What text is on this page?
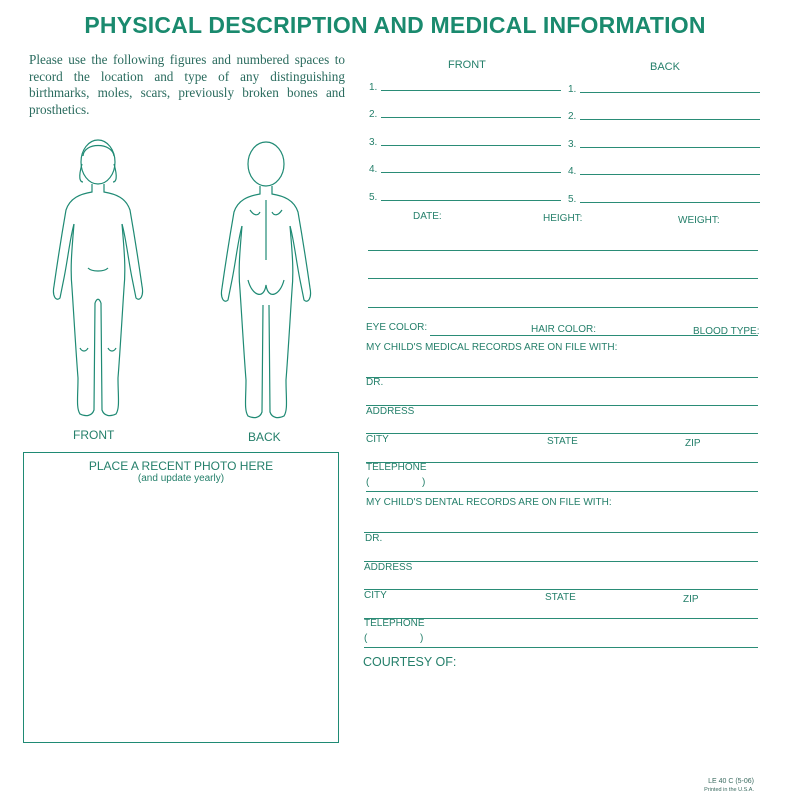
PHYSICAL DESCRIPTION AND MEDICAL INFORMATION
Please use the following figures and numbered spaces to record the location and type of any distinguishing birthmarks, moles, scars, previously broken bones and prosthetics.
FRONT	BACK
PLACE A RECENT PHOTO HERE
(and update yearly)
FRONT	BACK
1.	1.
2.	2.
3.	3.
4.	4.
5.	5.
DATE:	HEIGHT:	WEIGHT:
EYE COLOR:	HAIR COLOR:	BLOOD TYPE:
MY CHILD'S MEDICAL RECORDS ARE ON FILE WITH:
DR.
ADDRESS
CITY	STATE	ZIP
TELEPHONE
(	)
MY CHILD'S DENTAL RECORDS ARE ON FILE WITH:
DR.
ADDRESS
CITY	STATE	ZIP
TELEPHONE
(	)
COURTESY OF:
LE 40 C (5-06)
Printed in the U.S.A.
